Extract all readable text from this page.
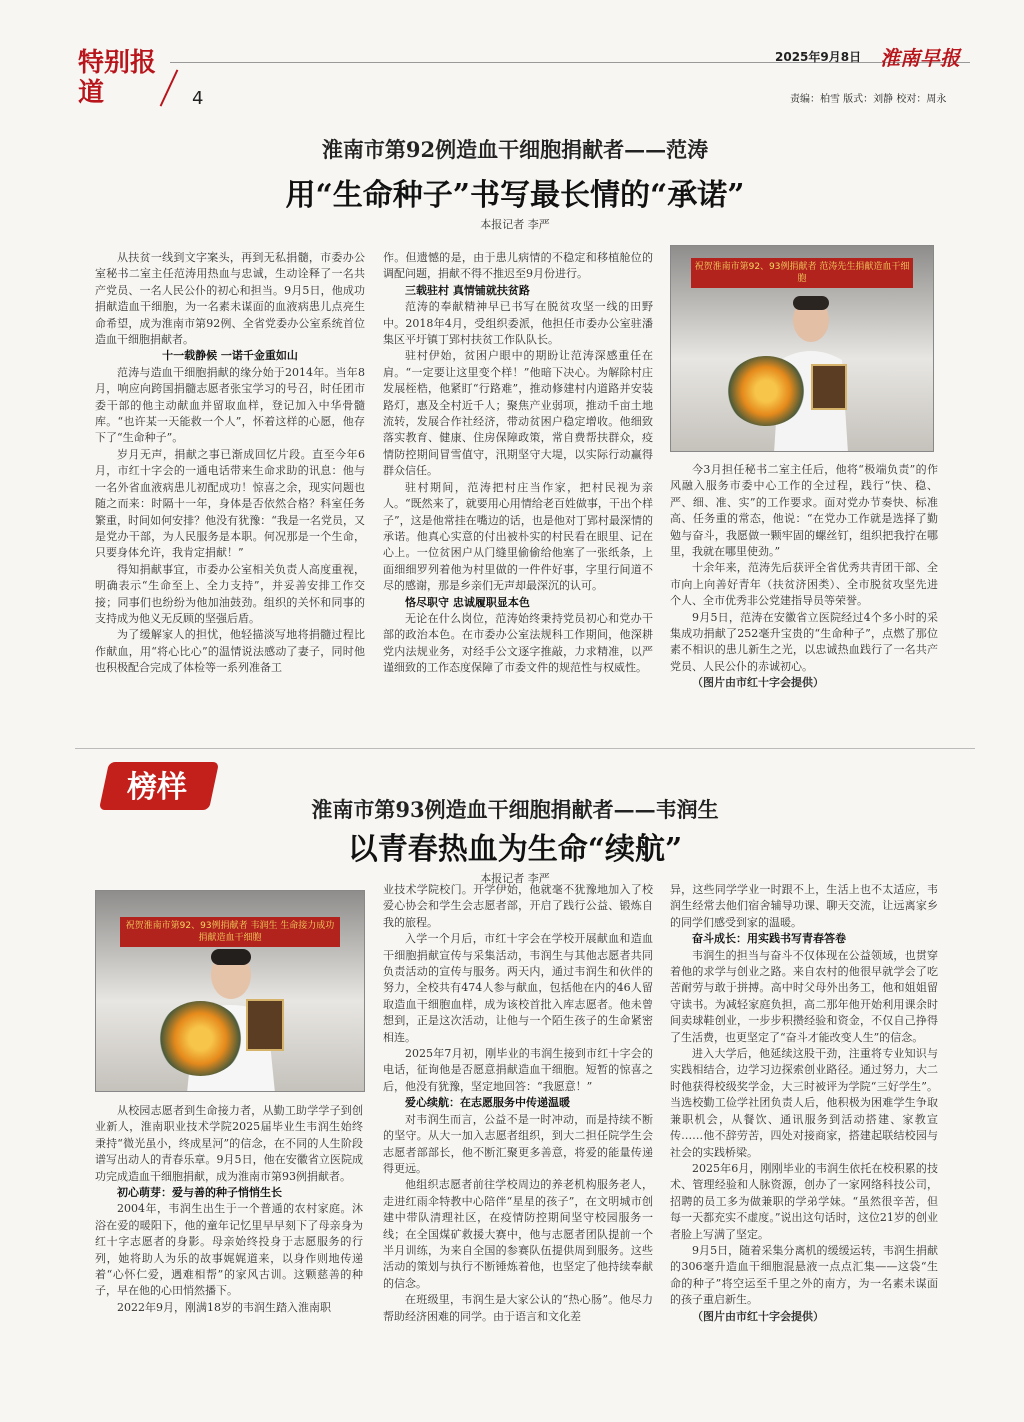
特别报道	4
2025年9月8日 淮南早报
责编：柏雪 版式：刘静 校对：周永
淮南市第92例造血干细胞捐献者——范涛
用“生命种子”书写最长情的“承诺”
本报记者 李严

从扶贫一线到文字案头，再到无私捐髓，市委办公室秘书二室主任范涛用热血与忠诚，生动诠释了一名共产党员、一名人民公仆的初心和担当。9月5日，他成功捐献造血干细胞，为一名素未谋面的血液病患儿点亮生命希望，成为淮南市第92例、全省党委办公室系统首位造血干细胞捐献者。

十一载静候 一诺千金重如山

范涛与造血干细胞捐献的缘分始于2014年。当年8月，响应向跨国捐髓志愿者张宝学习的号召，时任团市委干部的他主动献血并留取血样，登记加入中华骨髓库。“也许某一天能救一个人”，怀着这样的心愿，他存下了“生命种子”。

岁月无声，捐献之事已渐成回忆片段。直至今年6月，市红十字会的一通电话带来生命求助的讯息：他与一名外省血液病患儿初配成功！惊喜之余，现实问题也随之而来：时隔十一年，身体是否依然合格？科室任务繁重，时间如何安排？他没有犹豫：“我是一名党员，又是党办干部，为人民服务是本职。何况那是一个生命，只要身体允许，我肯定捐献！”

得知捐献事宜，市委办公室相关负责人高度重视，明确表示“生命至上、全力支持”，并妥善安排工作交接；同事们也纷纷为他加油鼓劲。组织的关怀和同事的支持成为他义无反顾的坚强后盾。

为了缓解家人的担忧，他轻描淡写地将捐髓过程比作献血，用“将心比心”的温情说法感动了妻子，同时他也积极配合完成了体检等一系列准备工

作。但遗憾的是，由于患儿病情的不稳定和移植舱位的调配问题，捐献不得不推迟至9月份进行。

三载驻村 真情铺就扶贫路

范涛的奉献精神早已书写在脱贫攻坚一线的田野中。2018年4月，受组织委派，他担任市委办公室驻潘集区平圩镇丁郢村扶贫工作队队长。

驻村伊始，贫困户眼中的期盼让范涛深感重任在肩。“一定要让这里变个样！”他暗下决心。为解除村庄发展桎梏，他紧盯“行路难”，推动修建村内道路并安装路灯，惠及全村近千人；聚焦产业弱项，推动千亩土地流转，发展合作社经济，带动贫困户稳定增收。他细致落实教育、健康、住房保障政策，常自费帮扶群众，疫情防控期间冒雪值守，汛期坚守大堤，以实际行动赢得群众信任。

驻村期间，范涛把村庄当作家，把村民视为亲人。“既然来了，就要用心用情给老百姓做事，干出个样子”，这是他常挂在嘴边的话，也是他对丁郢村最深情的承诺。他真心实意的付出被朴实的村民看在眼里、记在心上。一位贫困户从门缝里偷偷给他塞了一张纸条，上面细细罗列着他为村里做的一件件好事，字里行间道不尽的感谢，那是乡亲们无声却最深沉的认可。

恪尽职守 忠诚履职显本色

无论在什么岗位，范涛始终秉持党员初心和党办干部的政治本色。在市委办公室法规科工作期间，他深耕党内法规业务，对经手公文逐字推敲，力求精准，以严谨细致的工作态度保障了市委文件的规范性与权威性。

祝贺淮南市第92、93例捐献者 范涛先生捐献造血干细胞

今3月担任秘书二室主任后，他将“极端负责”的作风融入服务市委中心工作的全过程，践行“快、稳、严、细、准、实”的工作要求。面对党办节奏快、标准高、任务重的常态，他说：“在党办工作就是选择了勤勉与奋斗，我愿做一颗牢固的螺丝钉，组织把我拧在哪里，我就在哪里使劲。”

十余年来，范涛先后获评全省优秀共青团干部、全市向上向善好青年（扶贫济困类）、全市脱贫攻坚先进个人、全市优秀非公党建指导员等荣誉。

9月5日，范涛在安徽省立医院经过4个多小时的采集成功捐献了252毫升宝贵的“生命种子”，点燃了那位素不相识的患儿新生之光，以忠诚热血践行了一名共产党员、人民公仆的赤诚初心。

（图片由市红十字会提供）

榜样
淮南市第93例造血干细胞捐献者——韦润生
以青春热血为生命“续航”
本报记者 李严
祝贺淮南市第92、93例捐献者 韦润生 生命接力成功捐献造血干细胞

从校园志愿者到生命接力者，从勤工助学学子到创业新人，淮南职业技术学院2025届毕业生韦润生始终秉持“微光虽小，终成星河”的信念，在不同的人生阶段谱写出动人的青春乐章。9月5日，他在安徽省立医院成功完成造血干细胞捐献，成为淮南市第93例捐献者。

初心萌芽：爱与善的种子悄悄生长

2004年，韦润生出生于一个普通的农村家庭。沐浴在爱的暖阳下，他的童年记忆里早早刻下了母亲身为红十字志愿者的身影。母亲始终投身于志愿服务的行列，她将助人为乐的故事娓娓道来，以身作则地传递着“心怀仁爱，遇难相帮”的家风古训。这颗慈善的种子，早在他的心田悄然播下。

2022年9月，刚满18岁的韦润生踏入淮南职

业技术学院校门。开学伊始，他就毫不犹豫地加入了校爱心协会和学生会志愿者部，开启了践行公益、锻炼自我的旅程。

入学一个月后，市红十字会在学校开展献血和造血干细胞捐献宣传与采集活动，韦润生与其他志愿者共同负责活动的宣传与服务。两天内，通过韦润生和伙伴的努力，全校共有474人参与献血，包括他在内的46人留取造血干细胞血样，成为该校首批入库志愿者。他未曾想到，正是这次活动，让他与一个陌生孩子的生命紧密相连。

2025年7月初，刚毕业的韦润生接到市红十字会的电话，征询他是否愿意捐献造血干细胞。短暂的惊喜之后，他没有犹豫，坚定地回答：“我愿意！”

爱心续航：在志愿服务中传递温暖

对韦润生而言，公益不是一时冲动，而是持续不断的坚守。从大一加入志愿者组织，到大二担任院学生会志愿者部部长，他不断汇聚更多善意，将爱的能量传递得更远。

他组织志愿者前往学校周边的养老机构服务老人，走进红雨伞特教中心陪伴“星星的孩子”，在文明城市创建中带队清理社区，在疫情防控期间坚守校园服务一线；在全国煤矿救援大赛中，他与志愿者团队提前一个半月训练，为来自全国的参赛队伍提供周到服务。这些活动的策划与执行不断锤炼着他，也坚定了他持续奉献的信念。

在班级里，韦润生是大家公认的“热心肠”。他尽力帮助经济困难的同学。由于语言和文化差

异，这些同学学业一时跟不上，生活上也不太适应，韦润生经常去他们宿舍辅导功课、聊天交流，让远离家乡的同学们感受到家的温暖。

奋斗成长：用实践书写青春答卷

韦润生的担当与奋斗不仅体现在公益领域，也贯穿着他的求学与创业之路。来自农村的他很早就学会了吃苦耐劳与敢于拼搏。高中时父母外出务工，他和姐姐留守读书。为减轻家庭负担，高二那年他开始利用课余时间卖球鞋创业，一步步积攒经验和资金，不仅自己挣得了生活费，也更坚定了“奋斗才能改变人生”的信念。

进入大学后，他延续这股干劲，注重将专业知识与实践相结合，边学习边探索创业路径。通过努力，大二时他获得校级奖学金，大三时被评为学院“三好学生”。当选校勤工俭学社团负责人后，他积极为困难学生争取兼职机会，从餐饮、通讯服务到活动搭建、家教宣传……他不辞劳苦，四处对接商家，搭建起联结校园与社会的实践桥梁。

2025年6月，刚刚毕业的韦润生依托在校积累的技术、管理经验和人脉资源，创办了一家网络科技公司，招聘的员工多为做兼职的学弟学妹。“虽然很辛苦，但每一天都充实不虚度。”说出这句话时，这位21岁的创业者脸上写满了坚定。

9月5日，随着采集分离机的缓缓运转，韦润生捐献的306毫升造血干细胞混悬液一点点汇集——这袋“生命的种子”将空运至千里之外的南方，为一名素未谋面的孩子重启新生。

（图片由市红十字会提供）
